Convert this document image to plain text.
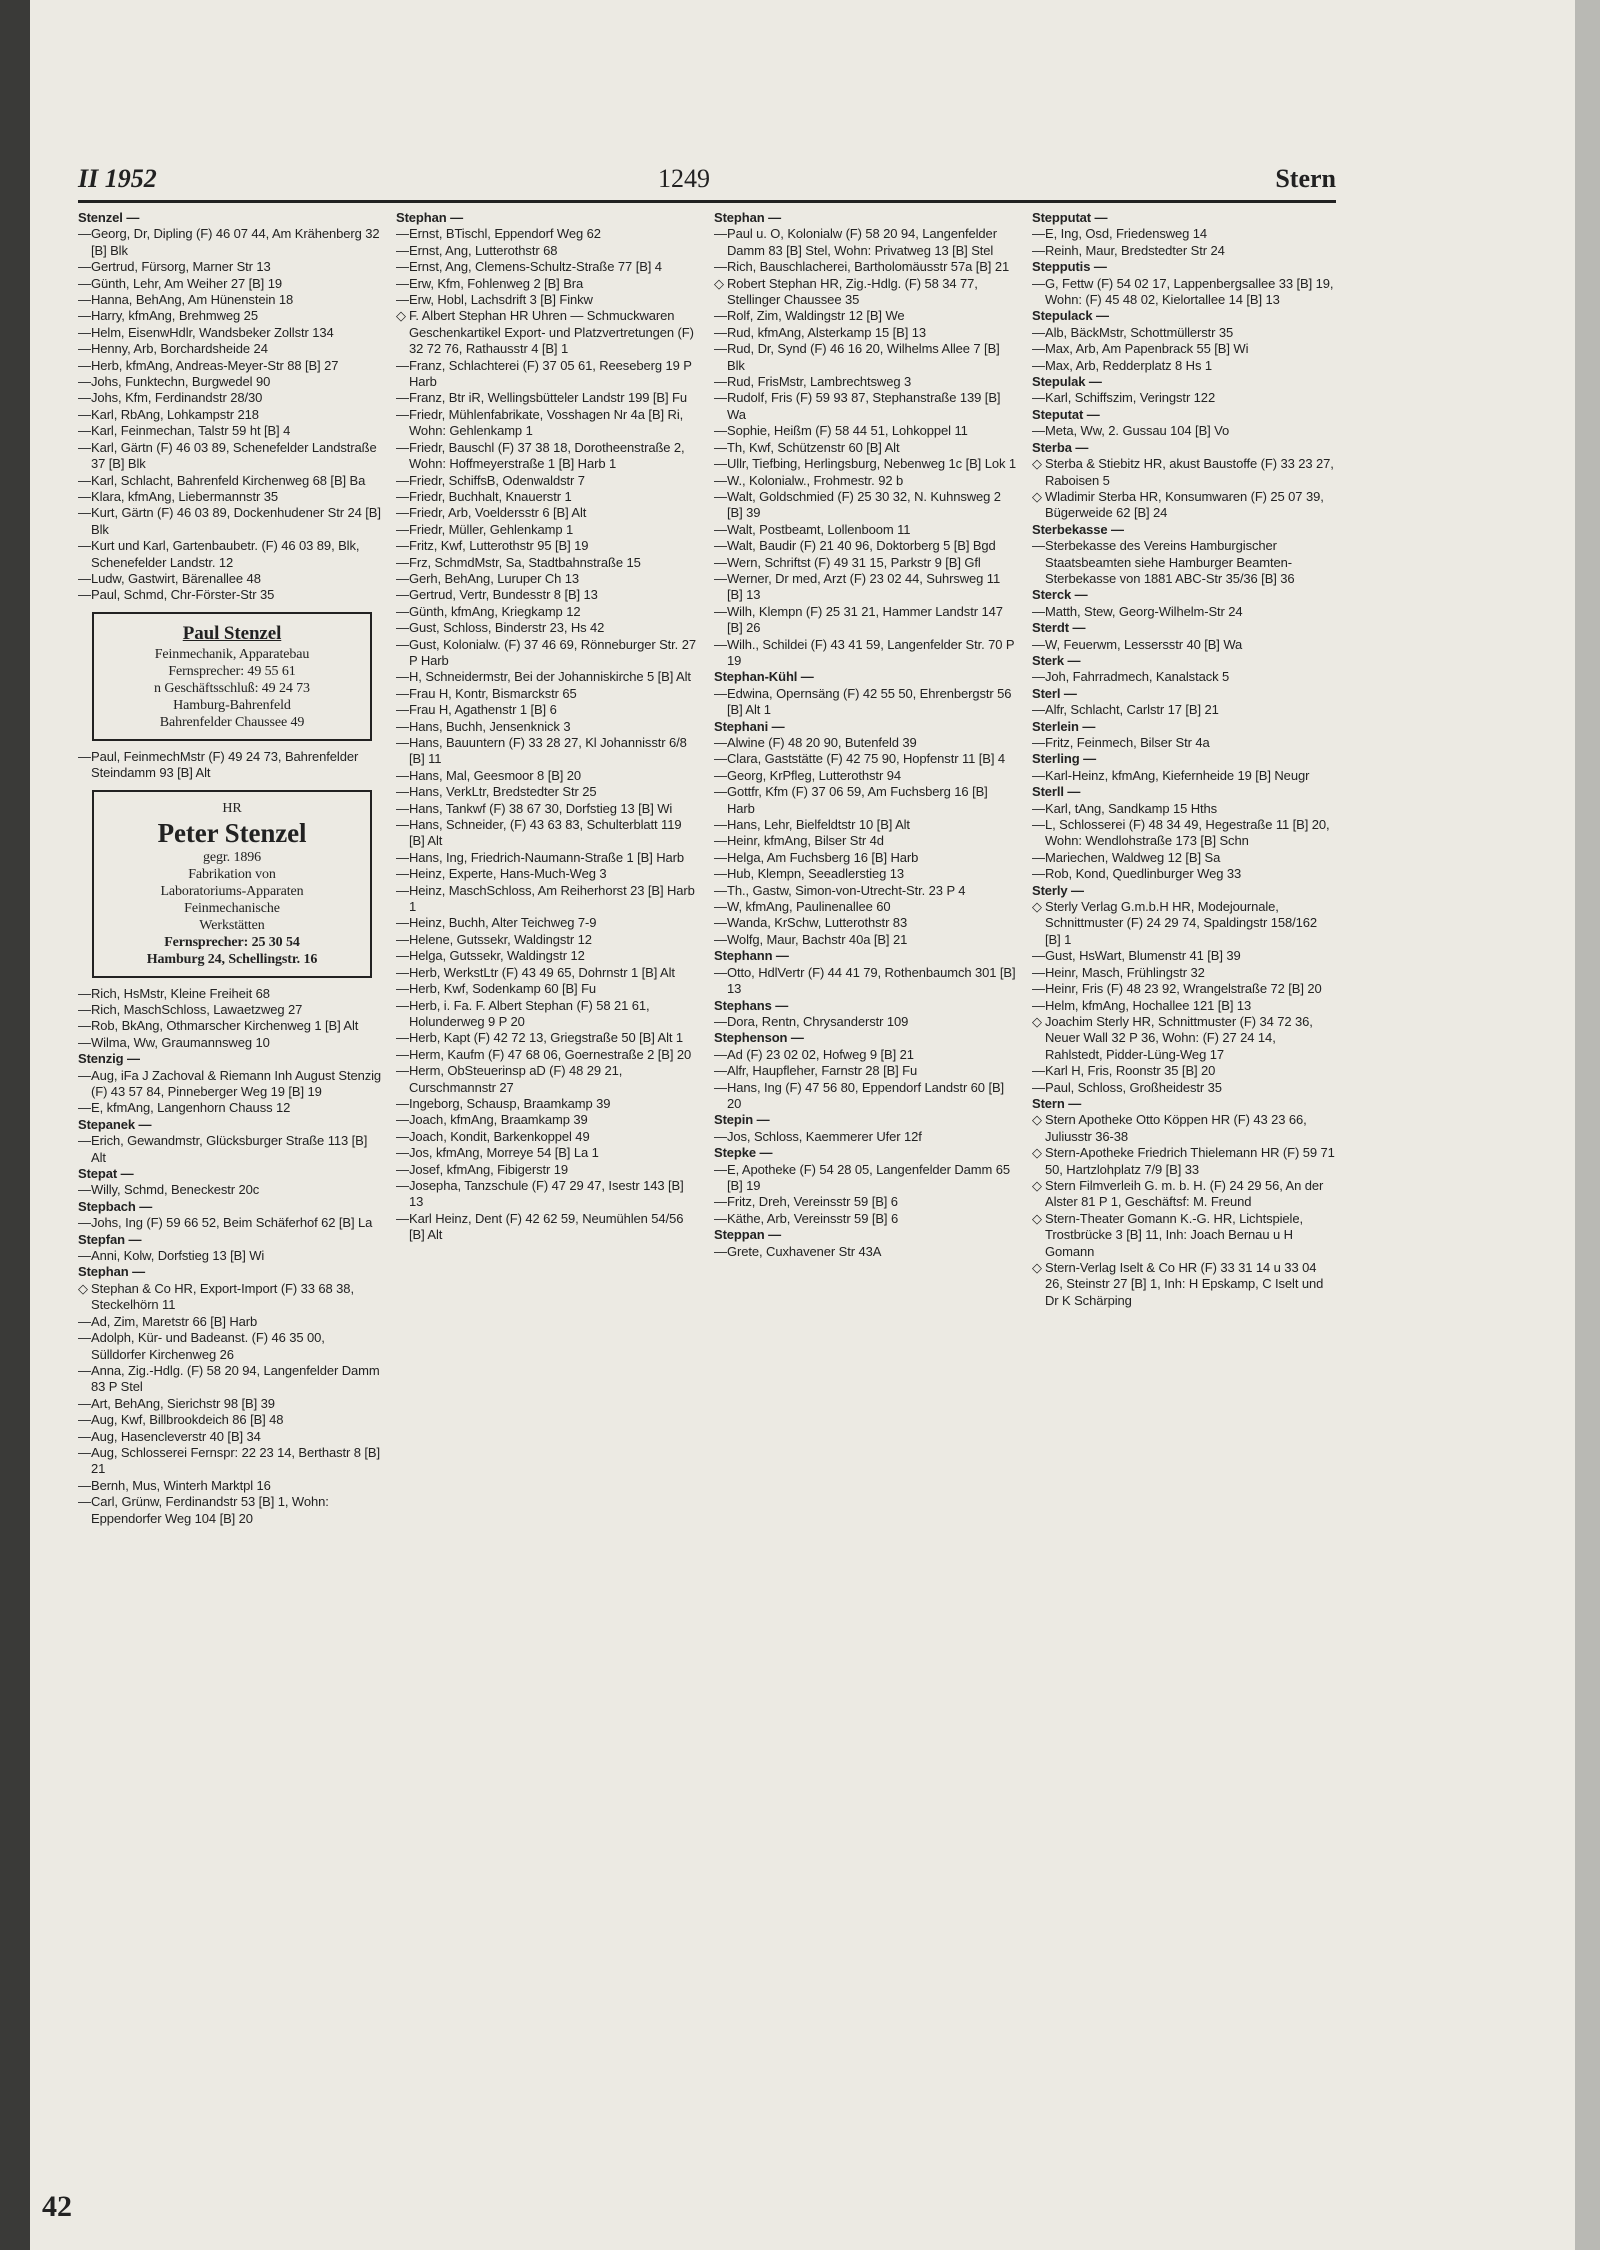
II 1952	1249	Stern

Stenzel —

—Georg, Dr, Dipling (F) 46 07 44, Am Krähenberg 32 [B] Blk

—Gertrud, Fürsorg, Marner Str 13

—Günth, Lehr, Am Weiher 27 [B] 19

—Hanna, BehAng, Am Hünenstein 18

—Harry, kfmAng, Brehmweg 25

—Helm, EisenwHdlr, Wandsbeker Zollstr 134

—Henny, Arb, Borchardsheide 24

—Herb, kfmAng, Andreas-Meyer-Str 88 [B] 27

—Johs, Funktechn, Burgwedel 90

—Johs, Kfm, Ferdinandstr 28/30

—Karl, RbAng, Lohkampstr 218

—Karl, Feinmechan, Talstr 59 ht [B] 4

—Karl, Gärtn (F) 46 03 89, Schenefelder Landstraße 37 [B] Blk

—Karl, Schlacht, Bahrenfeld Kirchenweg 68 [B] Ba

—Klara, kfmAng, Liebermannstr 35

—Kurt, Gärtn (F) 46 03 89, Dockenhudener Str 24 [B] Blk

—Kurt und Karl, Gartenbaubetr. (F) 46 03 89, Blk, Schenefelder Landstr. 12

—Ludw, Gastwirt, Bärenallee 48

—Paul, Schmd, Chr-Förster-Str 35

Paul Stenzel
Feinmechanik, Apparatebau
Fernsprecher: 49 55 61
n Geschäftsschluß: 49 24 73
Hamburg-Bahrenfeld
Bahrenfelder Chaussee 49

—Paul, FeinmechMstr (F) 49 24 73, Bahrenfelder Steindamm 93 [B] Alt

HR
Peter Stenzel
gegr. 1896
Fabrikation von
Laboratoriums-Apparaten
Feinmechanische
Werkstätten
Fernsprecher: 25 30 54
Hamburg 24, Schellingstr. 16

—Rich, HsMstr, Kleine Freiheit 68

—Rich, MaschSchloss, Lawaetzweg 27

—Rob, BkAng, Othmarscher Kirchenweg 1 [B] Alt

—Wilma, Ww, Graumannsweg 10

Stenzig —

—Aug, iFa J Zachoval & Riemann Inh August Stenzig (F) 43 57 84, Pinneberger Weg 19 [B] 19

—E, kfmAng, Langenhorn Chauss 12

Stepanek —

—Erich, Gewandmstr, Glücksburger Straße 113 [B] Alt

Stepat —

—Willy, Schmd, Beneckestr 20c

Stepbach —

—Johs, Ing (F) 59 66 52, Beim Schäferhof 62 [B] La

Stepfan —

—Anni, Kolw, Dorfstieg 13 [B] Wi

Stephan —

◇ Stephan & Co HR, Export-Import (F) 33 68 38, Steckelhörn 11

—Ad, Zim, Maretstr 66 [B] Harb

—Adolph, Kür- und Badeanst. (F) 46 35 00, Sülldorfer Kirchenweg 26

—Anna, Zig.-Hdlg. (F) 58 20 94, Langenfelder Damm 83 P Stel

—Art, BehAng, Sierichstr 98 [B] 39

—Aug, Kwf, Billbrookdeich 86 [B] 48

—Aug, Hasencleverstr 40 [B] 34

—Aug, Schlosserei Fernspr: 22 23 14, Berthastr 8 [B] 21

—Bernh, Mus, Winterh Marktpl 16

—Carl, Grünw, Ferdinandstr 53 [B] 1, Wohn: Eppendorfer Weg 104 [B] 20

Stephan —

—Ernst, BTischl, Eppendorf Weg 62

—Ernst, Ang, Lutterothstr 68

—Ernst, Ang, Clemens-Schultz-Straße 77 [B] 4

—Erw, Kfm, Fohlenweg 2 [B] Bra

—Erw, Hobl, Lachsdrift 3 [B] Finkw

◇ F. Albert Stephan HR Uhren — Schmuckwaren Geschenkartikel Export- und Platzvertretungen (F) 32 72 76, Rathausstr 4 [B] 1

—Franz, Schlachterei (F) 37 05 61, Reeseberg 19 P Harb

—Franz, Btr iR, Wellingsbütteler Landstr 199 [B] Fu

—Friedr, Mühlenfabrikate, Vosshagen Nr 4a [B] Ri, Wohn: Gehlenkamp 1

—Friedr, Bauschl (F) 37 38 18, Dorotheenstraße 2, Wohn: Hoffmeyerstraße 1 [B] Harb 1

—Friedr, SchiffsB, Odenwaldstr 7

—Friedr, Buchhalt, Knauerstr 1

—Friedr, Arb, Voeldersstr 6 [B] Alt

—Friedr, Müller, Gehlenkamp 1

—Fritz, Kwf, Lutterothstr 95 [B] 19

—Frz, SchmdMstr, Sa, Stadtbahnstraße 15

—Gerh, BehAng, Luruper Ch 13

—Gertrud, Vertr, Bundesstr 8 [B] 13

—Günth, kfmAng, Kriegkamp 12

—Gust, Schloss, Binderstr 23, Hs 42

—Gust, Kolonialw. (F) 37 46 69, Rönneburger Str. 27 P Harb

—H, Schneidermstr, Bei der Johanniskirche 5 [B] Alt

—Frau H, Kontr, Bismarckstr 65

—Frau H, Agathenstr 1 [B] 6

—Hans, Buchh, Jensenknick 3

—Hans, Bauuntern (F) 33 28 27, Kl Johannisstr 6/8 [B] 11

—Hans, Mal, Geesmoor 8 [B] 20

—Hans, VerkLtr, Bredstedter Str 25

—Hans, Tankwf (F) 38 67 30, Dorfstieg 13 [B] Wi

—Hans, Schneider, (F) 43 63 83, Schulterblatt 119 [B] Alt

—Hans, Ing, Friedrich-Naumann-Straße 1 [B] Harb

—Heinz, Experte, Hans-Much-Weg 3

—Heinz, MaschSchloss, Am Reiherhorst 23 [B] Harb 1

—Heinz, Buchh, Alter Teichweg 7-9

—Helene, Gutssekr, Waldingstr 12

—Helga, Gutssekr, Waldingstr 12

—Herb, WerkstLtr (F) 43 49 65, Dohrnstr 1 [B] Alt

—Herb, Kwf, Sodenkamp 60 [B] Fu

—Herb, i. Fa. F. Albert Stephan (F) 58 21 61, Holunderweg 9 P 20

—Herb, Kapt (F) 42 72 13, Griegstraße 50 [B] Alt 1

—Herm, Kaufm (F) 47 68 06, Goernestraße 2 [B] 20

—Herm, ObSteuerinsp aD (F) 48 29 21, Curschmannstr 27

—Ingeborg, Schausp, Braamkamp 39

—Joach, kfmAng, Braamkamp 39

—Joach, Kondit, Barkenkoppel 49

—Jos, kfmAng, Morreye 54 [B] La 1

—Josef, kfmAng, Fibigerstr 19

—Josepha, Tanzschule (F) 47 29 47, Isestr 143 [B] 13

—Karl Heinz, Dent (F) 42 62 59, Neumühlen 54/56 [B] Alt

Stephan —

—Paul u. O, Kolonialw (F) 58 20 94, Langenfelder Damm 83 [B] Stel, Wohn: Privatweg 13 [B] Stel

—Rich, Bauschlacherei, Bartholomäusstr 57a [B] 21

◇ Robert Stephan HR, Zig.-Hdlg. (F) 58 34 77, Stellinger Chaussee 35

—Rolf, Zim, Waldingstr 12 [B] We

—Rud, kfmAng, Alsterkamp 15 [B] 13

—Rud, Dr, Synd (F) 46 16 20, Wilhelms Allee 7 [B] Blk

—Rud, FrisMstr, Lambrechtsweg 3

—Rudolf, Fris (F) 59 93 87, Stephanstraße 139 [B] Wa

—Sophie, Heißm (F) 58 44 51, Lohkoppel 11

—Th, Kwf, Schützenstr 60 [B] Alt

—Ullr, Tiefbing, Herlingsburg, Nebenweg 1c [B] Lok 1

—W., Kolonialw., Frohmestr. 92 b

—Walt, Goldschmied (F) 25 30 32, N. Kuhnsweg 2 [B] 39

—Walt, Postbeamt, Lollenboom 11

—Walt, Baudir (F) 21 40 96, Doktorberg 5 [B] Bgd

—Wern, Schriftst (F) 49 31 15, Parkstr 9 [B] Gfl

—Werner, Dr med, Arzt (F) 23 02 44, Suhrsweg 11 [B] 13

—Wilh, Klempn (F) 25 31 21, Hammer Landstr 147 [B] 26

—Wilh., Schildei (F) 43 41 59, Langenfelder Str. 70 P 19

Stephan-Kühl —

—Edwina, Opernsäng (F) 42 55 50, Ehrenbergstr 56 [B] Alt 1

Stephani —

—Alwine (F) 48 20 90, Butenfeld 39

—Clara, Gaststätte (F) 42 75 90, Hopfenstr 11 [B] 4

—Georg, KrPfleg, Lutterothstr 94

—Gottfr, Kfm (F) 37 06 59, Am Fuchsberg 16 [B] Harb

—Hans, Lehr, Bielfeldtstr 10 [B] Alt

—Heinr, kfmAng, Bilser Str 4d

—Helga, Am Fuchsberg 16 [B] Harb

—Hub, Klempn, Seeadlerstieg 13

—Th., Gastw, Simon-von-Utrecht-Str. 23 P 4

—W, kfmAng, Paulinenallee 60

—Wanda, KrSchw, Lutterothstr 83

—Wolfg, Maur, Bachstr 40a [B] 21

Stephann —

—Otto, HdlVertr (F) 44 41 79, Rothenbaumch 301 [B] 13

Stephans —

—Dora, Rentn, Chrysanderstr 109

Stephenson —

—Ad (F) 23 02 02, Hofweg 9 [B] 21

—Alfr, Haupfleher, Farnstr 28 [B] Fu

—Hans, Ing (F) 47 56 80, Eppendorf Landstr 60 [B] 20

Stepin —

—Jos, Schloss, Kaemmerer Ufer 12f

Stepke —

—E, Apotheke (F) 54 28 05, Langenfelder Damm 65 [B] 19

—Fritz, Dreh, Vereinsstr 59 [B] 6

—Käthe, Arb, Vereinsstr 59 [B] 6

Steppan —

—Grete, Cuxhavener Str 43A

Stepputat —

—E, Ing, Osd, Friedensweg 14

—Reinh, Maur, Bredstedter Str 24

Stepputis —

—G, Fettw (F) 54 02 17, Lappenbergsallee 33 [B] 19, Wohn: (F) 45 48 02, Kielortallee 14 [B] 13

Stepulack —

—Alb, BäckMstr, Schottmüllerstr 35

—Max, Arb, Am Papenbrack 55 [B] Wi

—Max, Arb, Redderplatz 8 Hs 1

Stepulak —

—Karl, Schiffszim, Veringstr 122

Steputat —

—Meta, Ww, 2. Gussau 104 [B] Vo

Sterba —

◇ Sterba & Stiebitz HR, akust Baustoffe (F) 33 23 27, Raboisen 5

◇ Wladimir Sterba HR, Konsumwaren (F) 25 07 39, Bügerweide 62 [B] 24

Sterbekasse —

—Sterbekasse des Vereins Hamburgischer Staatsbeamten siehe Hamburger Beamten-Sterbekasse von 1881 ABC-Str 35/36 [B] 36

Sterck —

—Matth, Stew, Georg-Wilhelm-Str 24

Sterdt —

—W, Feuerwm, Lessersstr 40 [B] Wa

Sterk —

—Joh, Fahrradmech, Kanalstack 5

Sterl —

—Alfr, Schlacht, Carlstr 17 [B] 21

Sterlein —

—Fritz, Feinmech, Bilser Str 4a

Sterling —

—Karl-Heinz, kfmAng, Kiefernheide 19 [B] Neugr

Sterll —

—Karl, tAng, Sandkamp 15 Hths

—L, Schlosserei (F) 48 34 49, Hegestraße 11 [B] 20, Wohn: Wendlohstraße 173 [B] Schn

—Mariechen, Waldweg 12 [B] Sa

—Rob, Kond, Quedlinburger Weg 33

Sterly —

◇ Sterly Verlag G.m.b.H HR, Modejournale, Schnittmuster (F) 24 29 74, Spaldingstr 158/162 [B] 1

—Gust, HsWart, Blumenstr 41 [B] 39

—Heinr, Masch, Frühlingstr 32

—Heinr, Fris (F) 48 23 92, Wrangelstraße 72 [B] 20

—Helm, kfmAng, Hochallee 121 [B] 13

◇ Joachim Sterly HR, Schnittmuster (F) 34 72 36, Neuer Wall 32 P 36, Wohn: (F) 27 24 14, Rahlstedt, Pidder-Lüng-Weg 17

—Karl H, Fris, Roonstr 35 [B] 20

—Paul, Schloss, Großheidestr 35

Stern —

◇ Stern Apotheke Otto Köppen HR (F) 43 23 66, Juliusstr 36-38

◇ Stern-Apotheke Friedrich Thielemann HR (F) 59 71 50, Hartzlohplatz 7/9 [B] 33

◇ Stern Filmverleih G. m. b. H. (F) 24 29 56, An der Alster 81 P 1, Geschäftsf: M. Freund

◇ Stern-Theater Gomann K.-G. HR, Lichtspiele, Trostbrücke 3 [B] 11, Inh: Joach Bernau u H Gomann

◇ Stern-Verlag Iselt & Co HR (F) 33 31 14 u 33 04 26, Steinstr 27 [B] 1, Inh: H Epskamp, C Iselt und Dr K Schärping

42
